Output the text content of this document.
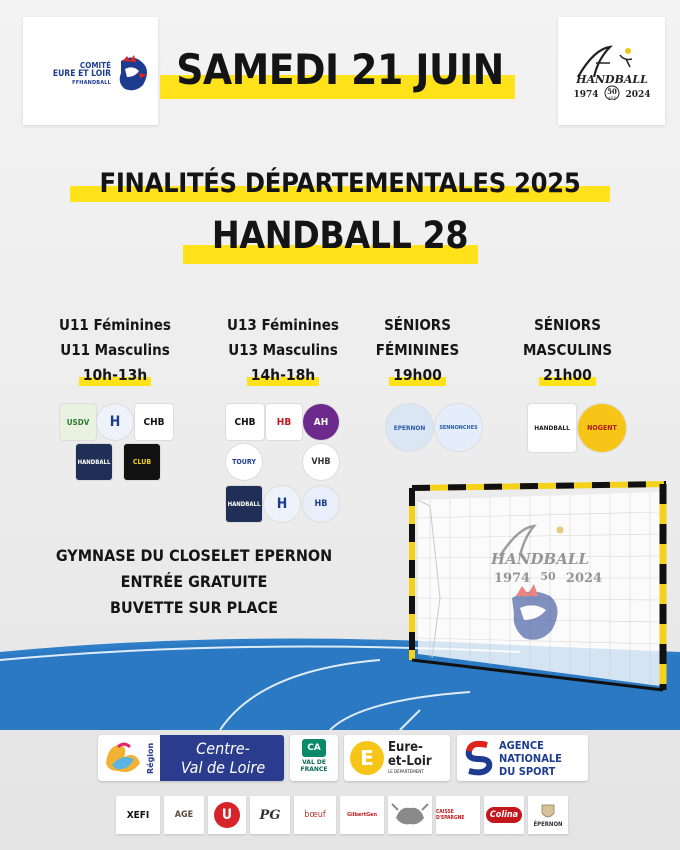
COMITÉ
EURE ET LOIR
FFHANDBALL	HANDBALL
1974 50
ANS 2024
SAMEDI 21 JUIN
FINALITÉS DÉPARTEMENTALES 2025
HANDBALL 28
U11 Féminines
U11 Masculins
10h-13h
U13 Féminines
U13 Masculins
14h-18h
SÉNIORS
FÉMININES
19h00
SÉNIORS
MASCULINS
21h00
USDV H CHB
HANDBALL	CLUB
CHB HB AH
TOURY	VHB
HANDBALL H	HB
EPERNON	SENNONCHES	HANDBALL NOGENT
HANDBALL
1974 50 2024
GYMNASE DU CLOSELET EPERNON
ENTRÉE GRATUITE
BUVETTE SUR PLACE
Région	Centre-
Val de Loire
CA
VAL DE
FRANCE	E	Eure-
et-Loir
LE DÉPARTEMENT
AGENCE
NATIONALE
DU SPORT
XEFI	AGE	U	PG	bœuf	GilbertGen	CAISSE D'EPARGNE	Colina
ÉPERNON
